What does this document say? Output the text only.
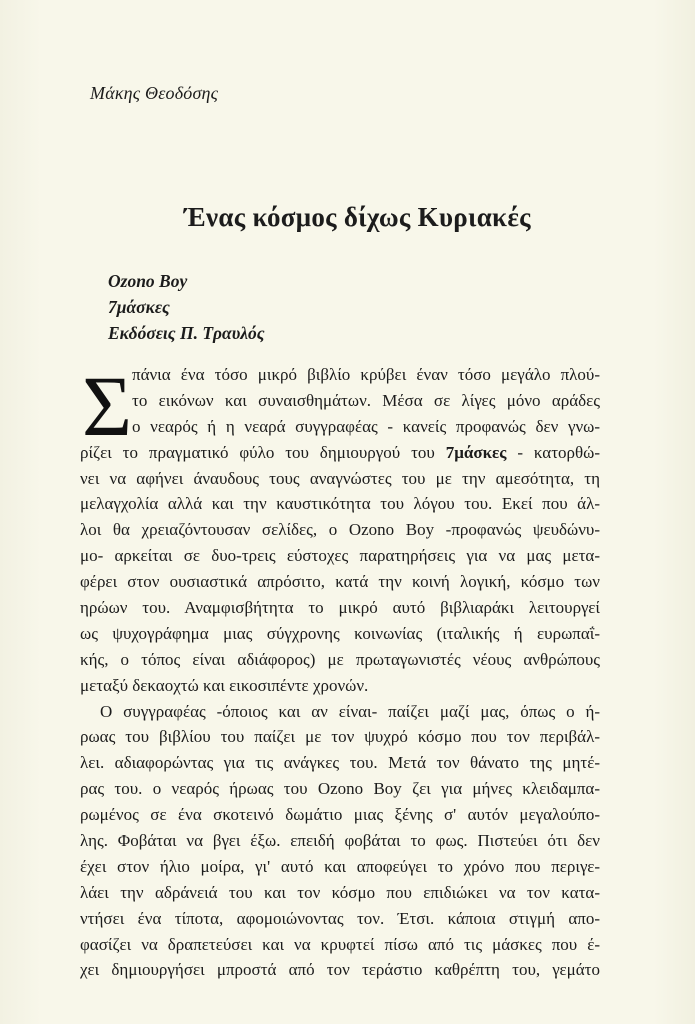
Μάκης Θεοδόσης
Ένας κόσμος δίχως Κυριακές
Ozono Boy
7μάσκες
Εκδόσεις Π. Τραυλός
Σ πάνια ένα τόσο μικρό βιβλίο κρύβει έναν τόσο μεγάλο πλού-
το εικόνων και συναισθημάτων. Μέσα σε λίγες μόνο αράδες
ο νεαρός ή η νεαρά συγγραφέας - κανείς προφανώς δεν γνω-
ρίζει το πραγματικό φύλο του δημιουργού του 7μάσκες - κατορθώ-
νει να αφήνει άναυδους τους αναγνώστες του με την αμεσότητα, τη
μελαγχολία αλλά και την καυστικότητα του λόγου του. Εκεί που άλ-
λοι θα χρειαζόντουσαν σελίδες, ο Ozono Boy -προφανώς ψευδώνυ-
μο- αρκείται σε δυο-τρεις εύστοχες παρατηρήσεις για να μας μετα-
φέρει στον ουσιαστικά απρόσιτο, κατά την κοινή λογική, κόσμο των
ηρώων του. Αναμφισβήτητα το μικρό αυτό βιβλιαράκι λειτουργεί
ως ψυχογράφημα μιας σύγχρονης κοινωνίας (ιταλικής ή ευρωπαΐ-
κής, ο τόπος είναι αδιάφορος) με πρωταγωνιστές νέους ανθρώπους
μεταξύ δεκαοχτώ και εικοσιπέντε χρονών.
Ο συγγραφέας -όποιος και αν είναι- παίζει μαζί μας, όπως ο ή-
ρωας του βιβλίου του παίζει με τον ψυχρό κόσμο που τον περιβάλ-
λει. αδιαφορώντας για τις ανάγκες του. Μετά τον θάνατο της μητέ-
ρας του. ο νεαρός ήρωας του Ozono Boy ζει για μήνες κλειδαμπα-
ρωμένος σε ένα σκοτεινό δωμάτιο μιας ξένης σ' αυτόν μεγαλούπο-
λης. Φοβάται να βγει έξω. επειδή φοβάται το φως. Πιστεύει ότι δεν
έχει στον ήλιο μοίρα, γι' αυτό και αποφεύγει το χρόνο που περιγε-
λάει την αδράνειά του και τον κόσμο που επιδιώκει να τον κατα-
ντήσει ένα τίποτα, αφομοιώνοντας τον. Έτσι. κάποια στιγμή απο-
φασίζει να δραπετεύσει και να κρυφτεί πίσω από τις μάσκες που έ-
χει δημιουργήσει μπροστά από τον τεράστιο καθρέπτη του, γεμάτο
